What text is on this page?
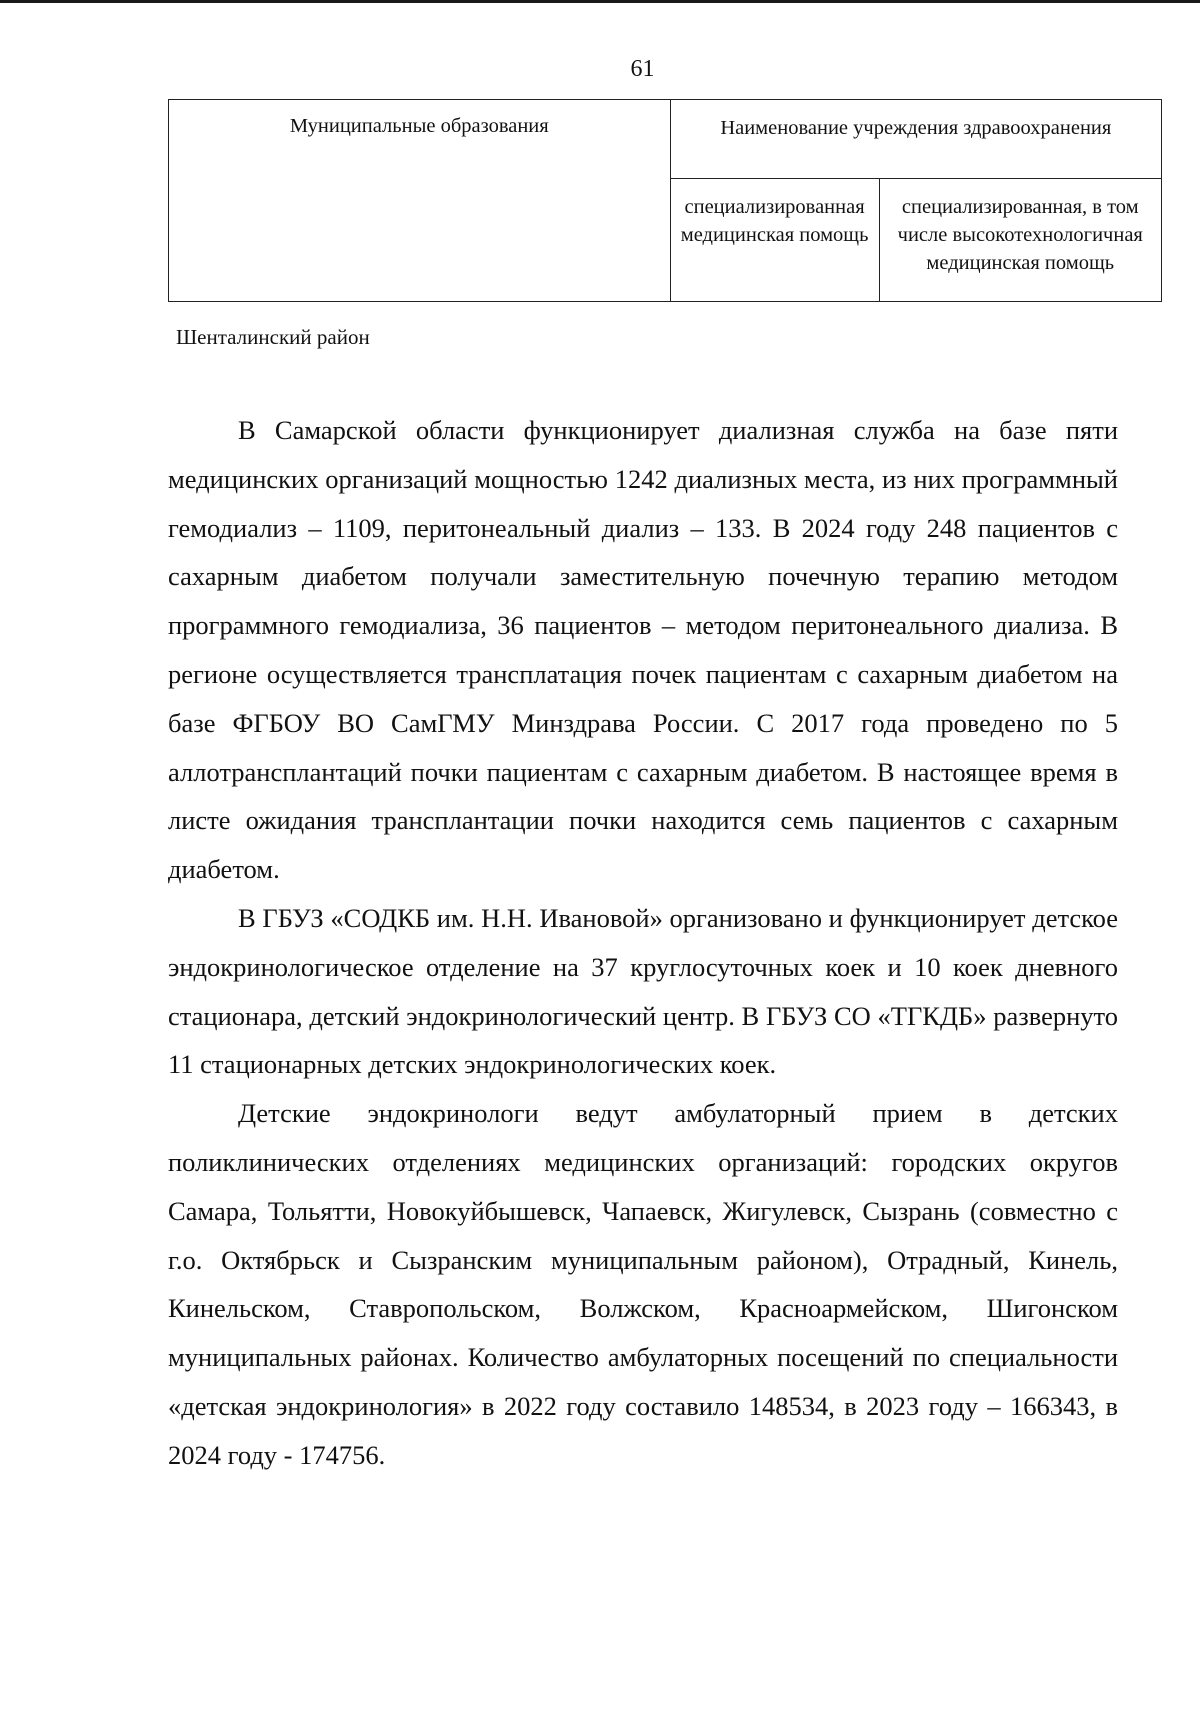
61
Муниципальные образования	Наименование учреждения здравоохранения	
	специализированная медицинская помощь	специализированная, в том числе высокотехнологичная медицинская помощь
Шенталинский район

В Самарской области функционирует диализная служба на базе пяти медицинских организаций мощностью 1242 диализных места, из них программный гемодиализ – 1109, перитонеальный диализ – 133. В 2024 году 248 пациентов с сахарным диабетом получали заместительную почечную терапию методом программного гемодиализа, 36 пациентов – методом перитонеального диализа. В регионе осуществляется трансплатация почек пациентам с сахарным диабетом на базе ФГБОУ ВО СамГМУ Минздрава России. С 2017 года проведено по 5 аллотрансплантаций почки пациентам с сахарным диабетом. В настоящее время в листе ожидания трансплантации почки находится семь пациентов с сахарным диабетом.

В ГБУЗ «СОДКБ им. Н.Н. Ивановой» организовано и функционирует детское эндокринологическое отделение на 37 круглосуточных коек и 10 коек дневного стационара, детский эндокринологический центр. В ГБУЗ СО «ТГКДБ» развернуто 11 стационарных детских эндокринологических коек.

Детские эндокринологи ведут амбулаторный прием в детских поликлинических отделениях медицинских организаций: городских округов Самара, Тольятти, Новокуйбышевск, Чапаевск, Жигулевск, Сызрань (совместно с г.о. Октябрьск и Сызранским муниципальным районом), Отрадный, Кинель, Кинельском, Ставропольском, Волжском, Красноармейском, Шигонском муниципальных районах. Количество амбулаторных посещений по специальности «детская эндокринология» в 2022 году составило 148534, в 2023 году – 166343, в 2024 году - 174756.
